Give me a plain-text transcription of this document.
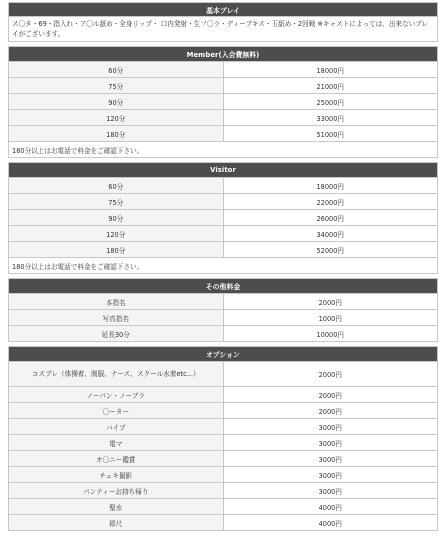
基本プレイ
ス〇タ・69・指入れ・ア〇ル舐め・全身リップ・ 口内発射・生フ〇ラ・ディープキス・玉舐め・2回戦 ※キャストによっては、出来ないプレイがございます。
Member(入会費無料)	
60分	18000円
75分	21000円
90分	25000円
120分	33000円
180分	51000円
180分以上はお電話で料金をご確認下さい。	
Visitor	
60分	18000円
75分	22000円
90分	26000円
120分	34000円
180分	52000円
180分以上はお電話で料金をご確認下さい。	
その他料金	
本指名	2000円
写真指名	1000円
延長30分	10000円
オプション	
コスプレ（体操着、制服、ナース、スクール水着etc...）	2000円
ノーパン・ノーブラ	2000円
〇ーター	2000円
バイブ	3000円
電マ	3000円
オ〇ニー鑑賞	3000円
チェキ撮影	3000円
パンティーお持ち帰り	3000円
聖水	4000円
即尺	4000円
